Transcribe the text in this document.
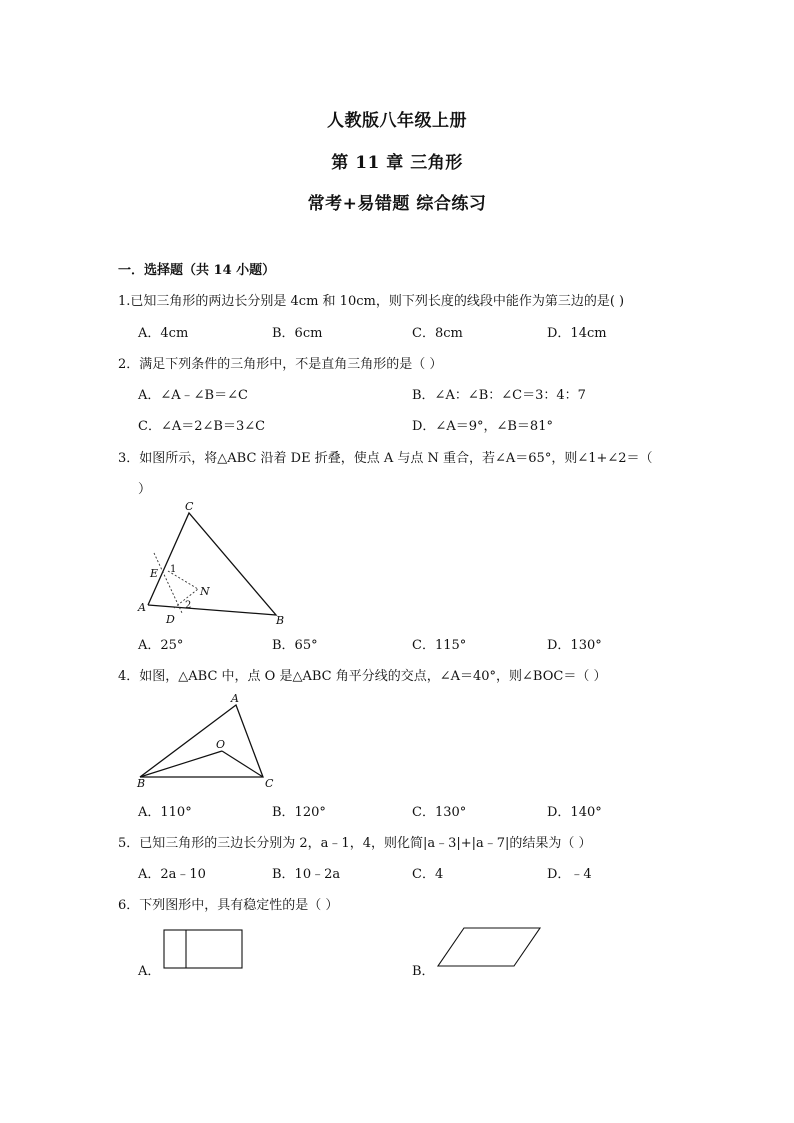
人教版八年级上册
第 11 章 三角形
常考+易错题 综合练习
一．选择题（共 14 小题）
1.已知三角形的两边长分别是 4cm 和 10cm，则下列长度的线段中能作为第三边的是( )
A．4cm	B．6cm	C．8cm	D．14cm
2．满足下列条件的三角形中，不是直角三角形的是（ ）
A．∠A﹣∠B＝∠C	B．∠A：∠B：∠C＝3：4：7
C．∠A＝2∠B＝3∠C	D．∠A＝9°，∠B＝81°
3．如图所示，将△ABC 沿着 DE 折叠，使点 A 与点 N 重合，若∠A＝65°，则∠1+∠2＝（
）
C
E 1
N
A
D
2
B
A．25°	B．65°	C．115°	D．130°
4．如图，△ABC 中，点 O 是△ABC 角平分线的交点，∠A＝40°，则∠BOC＝（ ）
A
O
B	C
A．110°	B．120°	C．130°	D．140°
5．已知三角形的三边长分别为 2，a﹣1，4，则化简|a﹣3|+|a﹣7|的结果为（ ）
A．2a﹣10	B．10﹣2a	C．4	D．﹣4
6．下列图形中，具有稳定性的是（ ）
A．	B．
